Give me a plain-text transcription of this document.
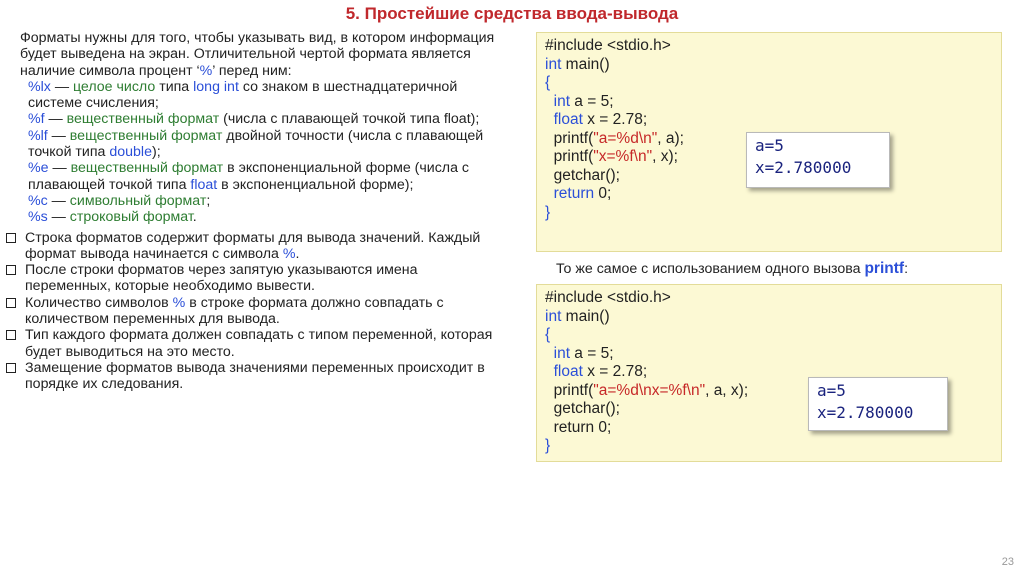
5. Простейшие средства ввода-вывода
Форматы нужны для того, чтобы указывать вид, в котором информация будет выведена на экран. Отличительной чертой формата является наличие символа процент ‘%’ перед ним:
%lx — целое число типа long int со знаком в шестнадцатеричной системе счисления;
%f — вещественный формат (числа с плавающей точкой типа float);
%lf — вещественный формат двойной точности (числа с плавающей точкой типа double);
%e — вещественный формат в экспоненциальной форме (числа с плавающей точкой типа float в экспоненциальной форме);
%c — символьный формат;
%s — строковый формат.
Строка форматов содержит форматы для вывода значений. Каждый формат вывода начинается с символа %.
После строки форматов через запятую указываются имена переменных, которые необходимо вывести.
Количество символов % в строке формата должно совпадать с количеством переменных для вывода.
Тип каждого формата должен совпадать с типом переменной, которая будет выводиться на это место.
Замещение форматов вывода значениями переменных происходит в порядке их следования.
#include <stdio.h>
int main()
{
int a = 5;
float x = 2.78;
printf("a=%d\n", a);
printf("x=%f\n", x);
getchar();
return 0;
}
a=5
x=2.780000
То же самое с использованием одного вызова printf:
#include <stdio.h>
int main()
{
int a = 5;
float x = 2.78;
printf("a=%d\nx=%f\n", a, x);
getchar();
return 0;
}
a=5
x=2.780000
23
